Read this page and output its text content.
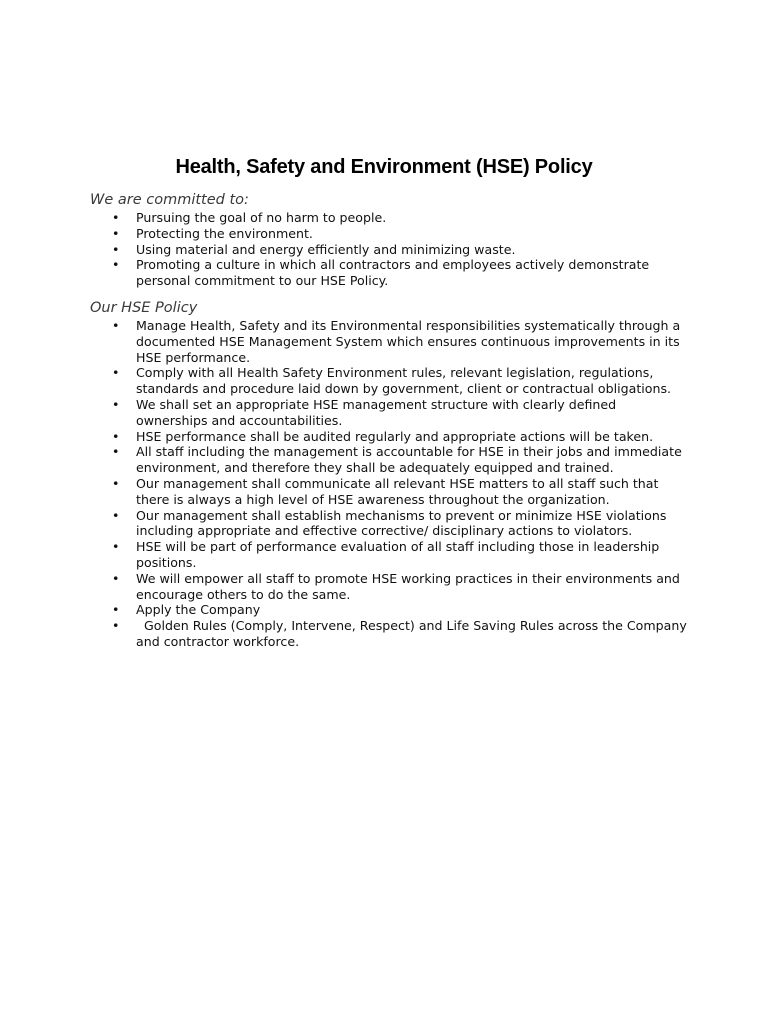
Health, Safety and Environment (HSE) Policy

We are committed to:

• Pursuing the goal of no harm to people.
• Protecting the environment.
• Using material and energy efficiently and minimizing waste.
• Promoting a culture in which all contractors and employees actively demonstrate personal commitment to our HSE Policy.

Our HSE Policy

• Manage Health, Safety and its Environmental responsibilities systematically through a documented HSE Management System which ensures continuous improvements in its HSE performance.
• Comply with all Health Safety Environment rules, relevant legislation, regulations, standards and procedure laid down by government, client or contractual obligations.
• We shall set an appropriate HSE management structure with clearly defined ownerships and accountabilities.
• HSE performance shall be audited regularly and appropriate actions will be taken.
• All staff including the management is accountable for HSE in their jobs and immediate environment, and therefore they shall be adequately equipped and trained.
• Our management shall communicate all relevant HSE matters to all staff such that there is always a high level of HSE awareness throughout the organization.
• Our management shall establish mechanisms to prevent or minimize HSE violations including appropriate and effective corrective/ disciplinary actions to violators.
• HSE will be part of performance evaluation of all staff including those in leadership positions.
• We will empower all staff to promote HSE working practices in their environments and encourage others to do the same.
• Apply the Company
• Golden Rules (Comply, Intervene, Respect) and Life Saving Rules across the Company and contractor workforce.
